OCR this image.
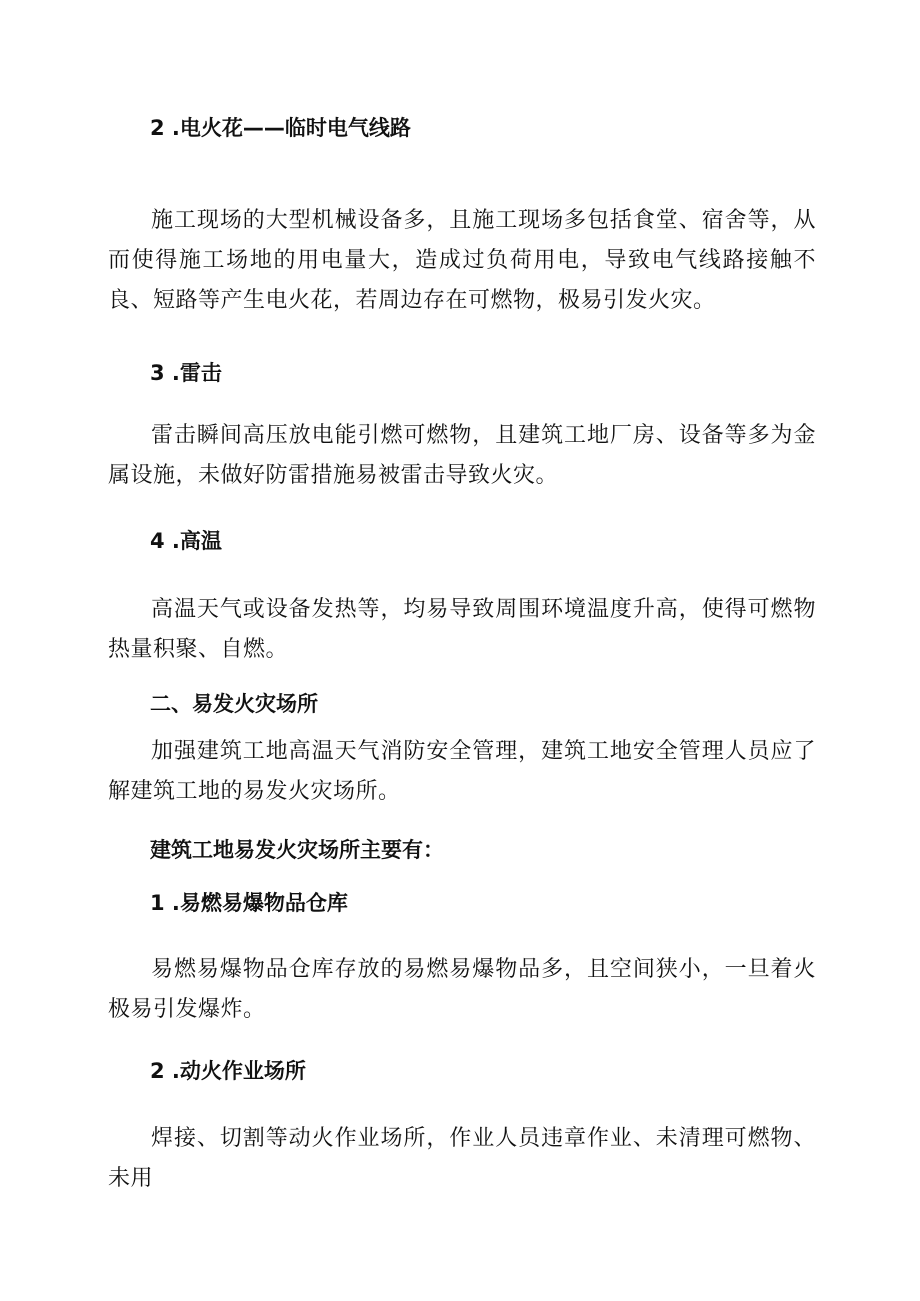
2 .电火花——临时电气线路

施工现场的大型机械设备多，且施工现场多包括食堂、宿舍等，从而使得施工场地的用电量大，造成过负荷用电，导致电气线路接触不良、短路等产生电火花，若周边存在可燃物，极易引发火灾。

3 .雷击

雷击瞬间高压放电能引燃可燃物，且建筑工地厂房、设备等多为金属设施，未做好防雷措施易被雷击导致火灾。

4 .高温

高温天气或设备发热等，均易导致周围环境温度升高，使得可燃物热量积聚、自燃。

二、易发火灾场所

加强建筑工地高温天气消防安全管理，建筑工地安全管理人员应了解建筑工地的易发火灾场所。

建筑工地易发火灾场所主要有：
1 .易燃易爆物品仓库

易燃易爆物品仓库存放的易燃易爆物品多，且空间狭小，一旦着火极易引发爆炸。

2 .动火作业场所

焊接、切割等动火作业场所，作业人员违章作业、未清理可燃物、未用
